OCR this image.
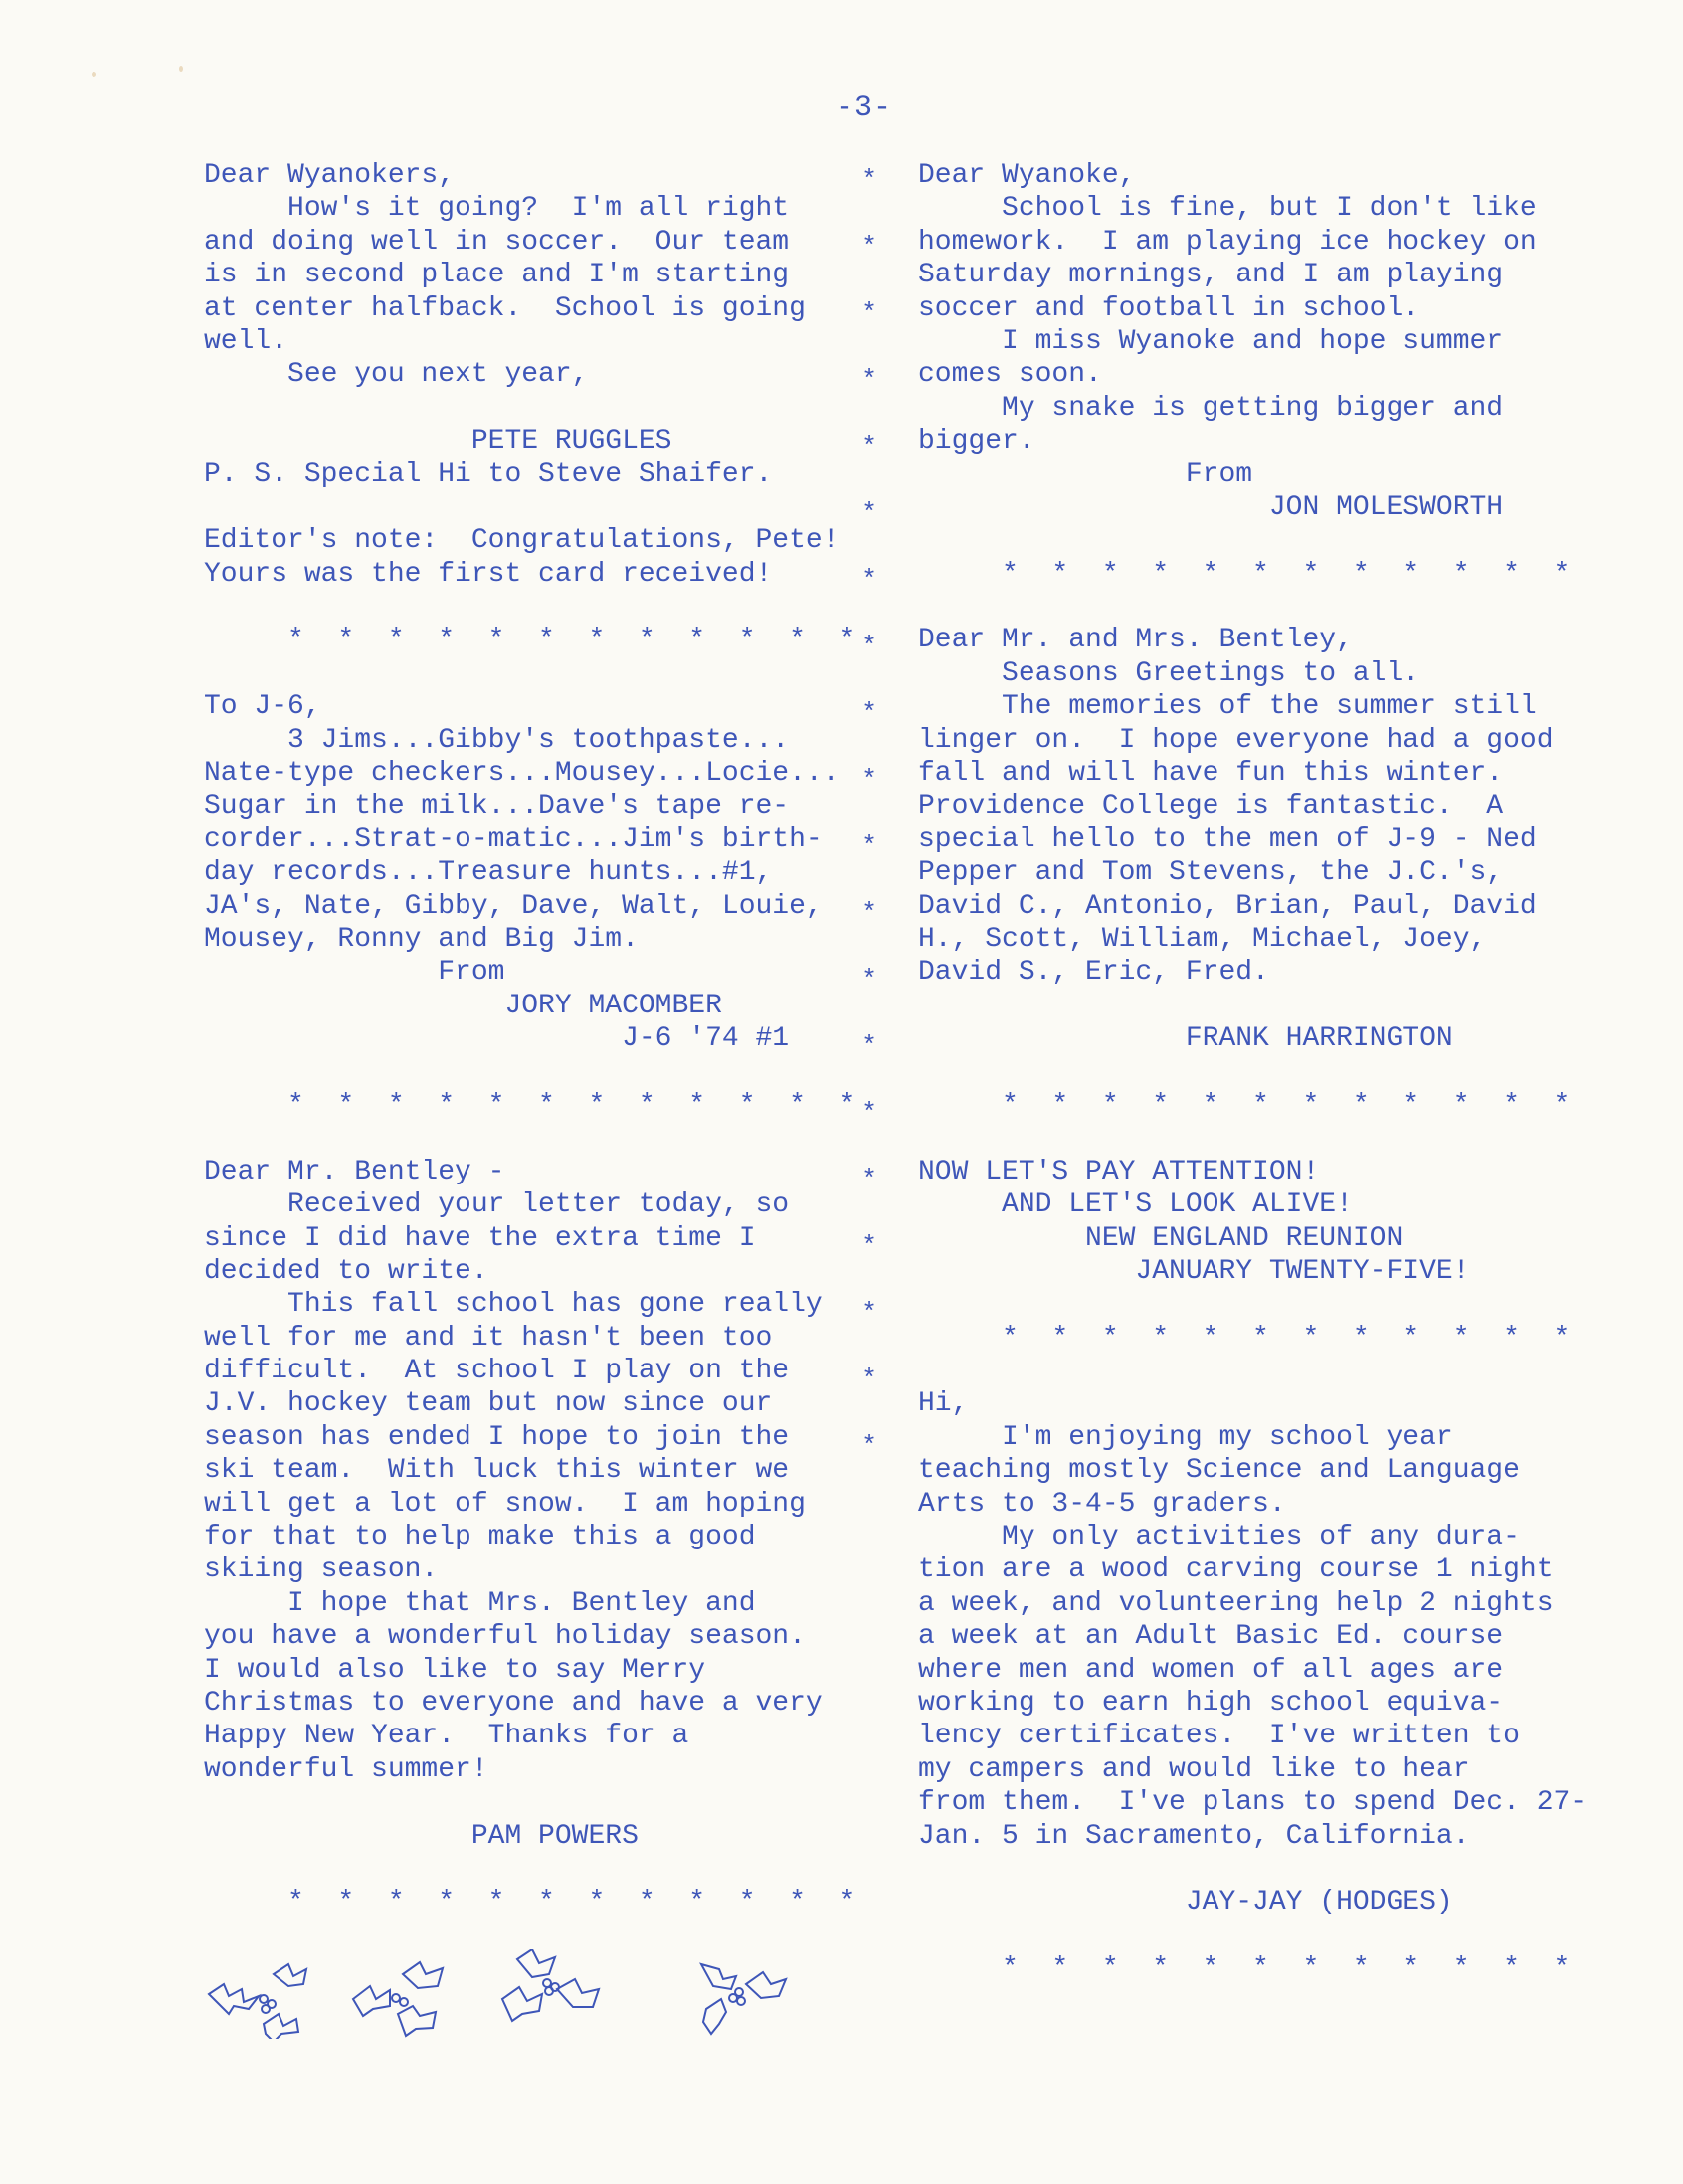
-3-
Dear Wyanokers,
How's it going?  I'm all right
and doing well in soccer.  Our team
is in second place and I'm starting
at center halfback.  School is going
well.
See you next year,
PETE RUGGLES
P. S. Special Hi to Steve Shaifer.
Editor's note:  Congratulations, Pete!
Yours was the first card received!
*  *  *  *  *  *  *  *  *  *  *  *
To J-6,
3 Jims...Gibby's toothpaste...
Nate-type checkers...Mousey...Locie...
Sugar in the milk...Dave's tape re-
corder...Strat-o-matic...Jim's birth-
day records...Treasure hunts...#1,
JA's, Nate, Gibby, Dave, Walt, Louie,
Mousey, Ronny and Big Jim.
From
JORY MACOMBER
J-6 '74 #1
*  *  *  *  *  *  *  *  *  *  *  *
Dear Mr. Bentley -
Received your letter today, so
since I did have the extra time I
decided to write.
This fall school has gone really
well for me and it hasn't been too
difficult.  At school I play on the
J.V. hockey team but now since our
season has ended I hope to join the
ski team.  With luck this winter we
will get a lot of snow.  I am hoping
for that to help make this a good
skiing season.
I hope that Mrs. Bentley and
you have a wonderful holiday season.
I would also like to say Merry
Christmas to everyone and have a very
Happy New Year.  Thanks for a
wonderful summer!
PAM POWERS
*  *  *  *  *  *  *  *  *  *  *  *
*
*
*
*
*
*
*
*
*
*
*
*
*
*
*
*
*
*
*
*
Dear Wyanoke,
School is fine, but I don't like
homework.  I am playing ice hockey on
Saturday mornings, and I am playing
soccer and football in school.
I miss Wyanoke and hope summer
comes soon.
My snake is getting bigger and
bigger.
From
JON MOLESWORTH
*  *  *  *  *  *  *  *  *  *  *  *
Dear Mr. and Mrs. Bentley,
Seasons Greetings to all.
The memories of the summer still
linger on.  I hope everyone had a good
fall and will have fun this winter.
Providence College is fantastic.  A
special hello to the men of J-9 - Ned
Pepper and Tom Stevens, the J.C.'s,
David C., Antonio, Brian, Paul, David
H., Scott, William, Michael, Joey,
David S., Eric, Fred.
FRANK HARRINGTON
*  *  *  *  *  *  *  *  *  *  *  *
NOW LET'S PAY ATTENTION!
AND LET'S LOOK ALIVE!
NEW ENGLAND REUNION
JANUARY TWENTY-FIVE!
*  *  *  *  *  *  *  *  *  *  *  *
Hi,
I'm enjoying my school year
teaching mostly Science and Language
Arts to 3-4-5 graders.
My only activities of any dura-
tion are a wood carving course 1 night
a week, and volunteering help 2 nights
a week at an Adult Basic Ed. course
where men and women of all ages are
working to earn high school equiva-
lency certificates.  I've written to
my campers and would like to hear
from them.  I've plans to spend Dec. 27-
Jan. 5 in Sacramento, California.
JAY-JAY (HODGES)
*  *  *  *  *  *  *  *  *  *  *  *
